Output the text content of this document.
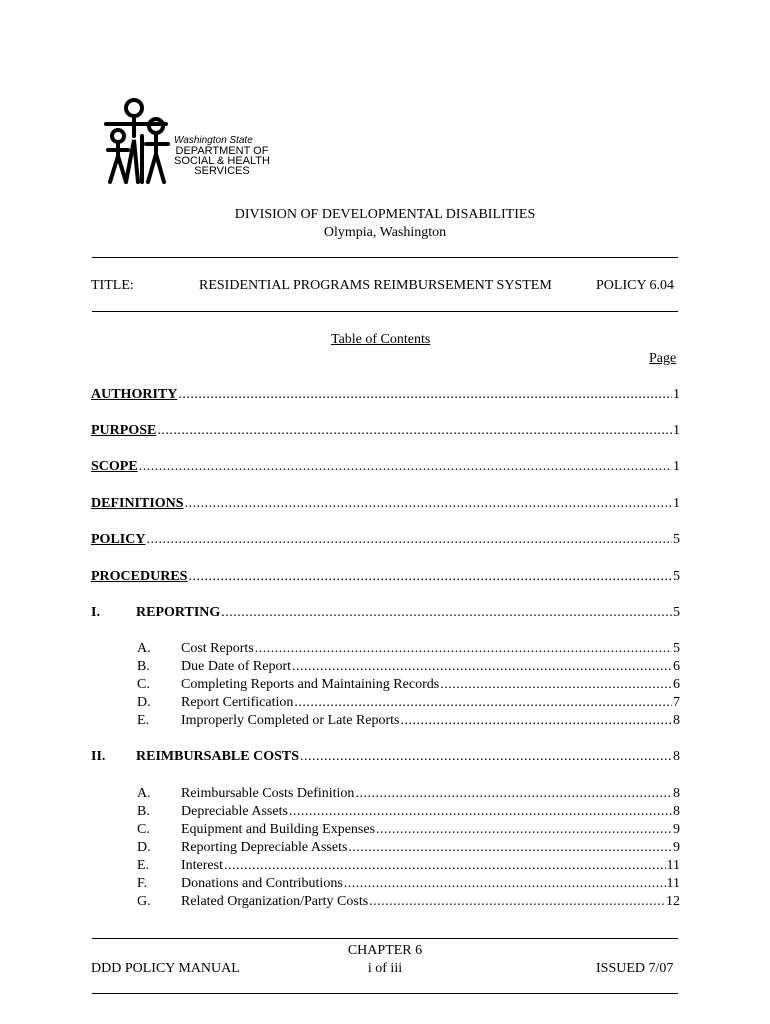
Washington State
DEPARTMENT OF
SOCIAL & HEALTH
SERVICES
DIVISION OF DEVELOPMENTAL DISABILITIES
Olympia, Washington
TITLE:	RESIDENTIAL PROGRAMS REIMBURSEMENT SYSTEM	POLICY 6.04
Table of Contents
Page
AUTHORITY .....	1
PURPOSE .....	1
SCOPE .....	1
DEFINITIONS .....	1
POLICY .....	5
PROCEDURES .....	5
I.	REPORTING .....	5
A. Cost Reports .....	5
B. Due Date of Report .....	6
C. Completing Reports and Maintaining Records .....	6
D. Report Certification .....	7
E. Improperly Completed or Late Reports .....	8
II. REIMBURSABLE COSTS .....	8
A. Reimbursable Costs Definition .....	8
B. Depreciable Assets .....	8
C. Equipment and Building Expenses .....	9
D. Reporting Depreciable Assets .....	9
E. Interest .....	11
F. Donations and Contributions .....	11
G. Related Organization/Party Costs .....	12
CHAPTER 6
DDD POLICY MANUAL	i of iii	ISSUED 7/07
